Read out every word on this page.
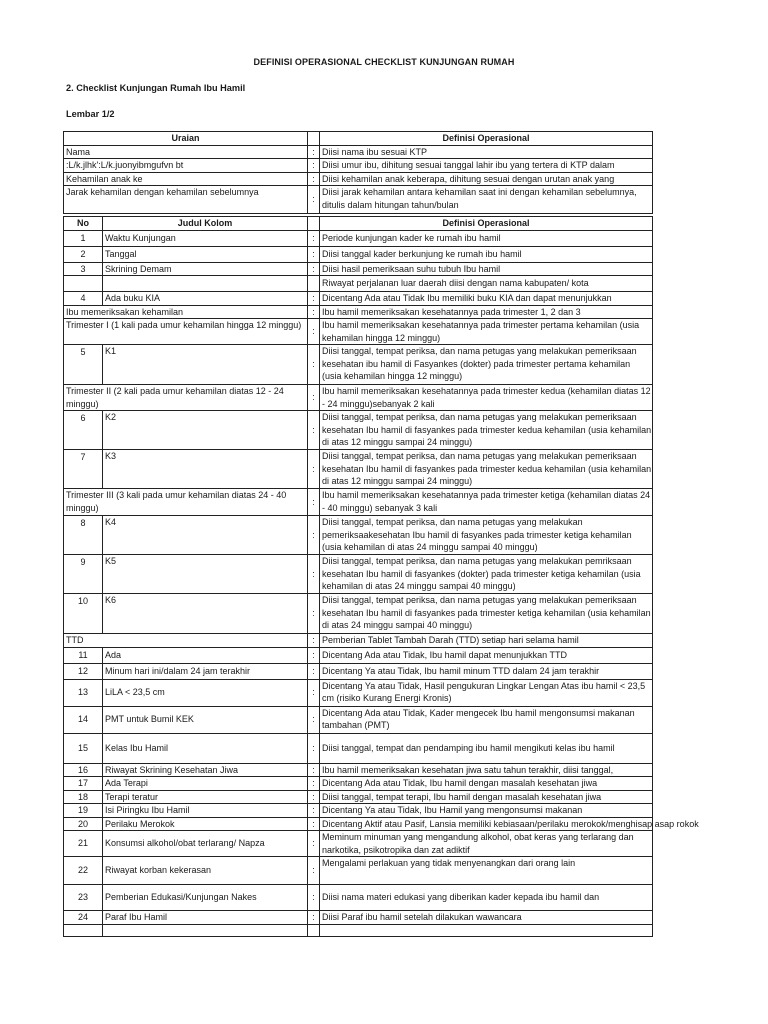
DEFINISI OPERASIONAL CHECKLIST KUNJUNGAN RUMAH
2. Checklist Kunjungan Rumah Ibu Hamil
Lembar 1/2
Uraian		Definisi Operasional
Nama	:	Diisi nama ibu sesuai KTP
:L/k.jlhk':L/k.juonyibmgufvn bt	:	Diisi umur ibu, dihitung sesuai tanggal lahir ibu yang tertera di KTP dalam
Kehamilan anak ke	:	Diisi kehamilan anak keberapa, dihitung sesuai dengan urutan anak yang
Jarak kehamilan dengan kehamilan sebelumnya	:	Diisi jarak kehamilan antara kehamilan saat ini dengan kehamilan sebelumnya, ditulis dalam hitungan tahun/bulan
No	Judul Kolom		Definisi Operasional
1	Waktu Kunjungan	:	Periode kunjungan kader ke rumah ibu hamil
2	Tanggal	:	Diisi tanggal kader berkunjung ke rumah ibu hamil
3	Skrining Demam	:	Diisi hasil pemeriksaan suhu tubuh Ibu hamil
			Riwayat perjalanan luar daerah diisi dengan nama kabupaten/ kota
4	Ada buku KIA	:	Dicentang Ada atau Tidak Ibu memiliki buku KIA dan dapat menunjukkan
Ibu memeriksakan kehamilan		:	Ibu hamil memeriksakan kesehatannya pada trimester 1, 2 dan 3
Trimester I (1 kali pada umur kehamilan hingga 12 minggu)		:	Ibu hamil memeriksakan kesehatannya pada trimester pertama kehamilan (usia kehamilan hingga 12 minggu)
5	K1	:	Diisi tanggal, tempat periksa, dan nama petugas yang melakukan pemeriksaan kesehatan ibu hamil di Fasyankes (dokter) pada trimester pertama kehamilan (usia kehamilan hingga 12 minggu)
Trimester II (2 kali pada umur kehamilan diatas 12 - 24 minggu)		:	Ibu hamil memeriksakan kesehatannya pada trimester kedua (kehamilan diatas 12 - 24 minggu)sebanyak 2 kali
6	K2	:	Diisi tanggal, tempat periksa, dan nama petugas yang melakukan pemeriksaan kesehatan Ibu hamil di fasyankes pada trimester kedua kehamilan (usia kehamilan di atas 12 minggu sampai 24 minggu)
7	K3	:	Diisi tanggal, tempat periksa, dan nama petugas yang melakukan pemeriksaan kesehatan Ibu hamil di fasyankes pada trimester kedua kehamilan (usia kehamilan di atas 12 minggu sampai 24 minggu)
Trimester III (3 kali pada umur kehamilan diatas 24 - 40 minggu)		:	Ibu hamil memeriksakan kesehatannya pada trimester ketiga (kehamilan diatas 24 - 40 minggu) sebanyak 3 kali
8	K4	:	Diisi tanggal, tempat periksa, dan nama petugas yang melakukan pemeriksaakesehatan Ibu hamil di fasyankes pada trimester ketiga kehamilan (usia kehamilan di atas 24 minggu sampai 40 minggu)
9	K5	:	Diisi tanggal, tempat periksa, dan nama petugas yang melakukan pemriksaan kesehatan Ibu hamil di fasyankes (dokter) pada trimester ketiga kehamilan (usia kehamilan di atas 24 minggu sampai 40 minggu)
10	K6	:	Diisi tanggal, tempat periksa, dan nama petugas yang melakukan pemeriksaan kesehatan Ibu hamil di fasyankes pada trimester ketiga kehamilan (usia kehamilan di atas 24 minggu sampai 40 minggu)
TTD		:	Pemberian Tablet Tambah Darah (TTD) setiap hari selama hamil
11	Ada	:	Dicentang Ada atau Tidak, Ibu hamil dapat menunjukkan TTD
12	Minum hari ini/dalam 24 jam terakhir	:	Dicentang Ya atau Tidak, Ibu hamil minum TTD dalam 24 jam terakhir
13	LiLA < 23,5 cm	:	Dicentang Ya atau Tidak, Hasil pengukuran Lingkar Lengan Atas ibu hamil < 23,5 cm (risiko Kurang Energi Kronis)
14	PMT untuk Bumil KEK	:	Dicentang Ada atau Tidak, Kader mengecek Ibu hamil mengonsumsi makanan tambahan (PMT)
15	Kelas Ibu Hamil	:	Diisi tanggal, tempat dan pendamping ibu hamil mengikuti kelas ibu hamil
16	Riwayat Skrining Kesehatan Jiwa	:	Ibu hamil memeriksakan kesehatan jiwa satu tahun terakhir, diisi tanggal,
17	Ada Terapi	:	Dicentang Ada atau Tidak, Ibu hamil dengan masalah kesehatan jiwa
18	Terapi teratur	:	Diisi tanggal, tempat terapi, Ibu hamil dengan masalah kesehatan jiwa
19	Isi Piringku Ibu Hamil	:	Dicentang Ya atau Tidak, Ibu Hamil yang mengonsumsi makanan
20	Perilaku Merokok	:	Dicentang Aktif atau Pasif, Lansia memiliki kebiasaan/perilaku merokok/menghisap asap rokok
21	Konsumsi alkohol/obat terlarang/ Napza	:	Meminum minuman yang mengandung alkohol, obat keras yang terlarang dan narkotika, psikotropika dan zat adiktif
22	Riwayat korban kekerasan	:	Mengalami perlakuan yang tidak menyenangkan dari orang lain
23	Pemberian Edukasi/Kunjungan Nakes	:	Diisi nama materi edukasi yang diberikan kader kepada ibu hamil dan
24	Paraf Ibu Hamil	:	Diisi Paraf ibu hamil setelah dilakukan wawancara
